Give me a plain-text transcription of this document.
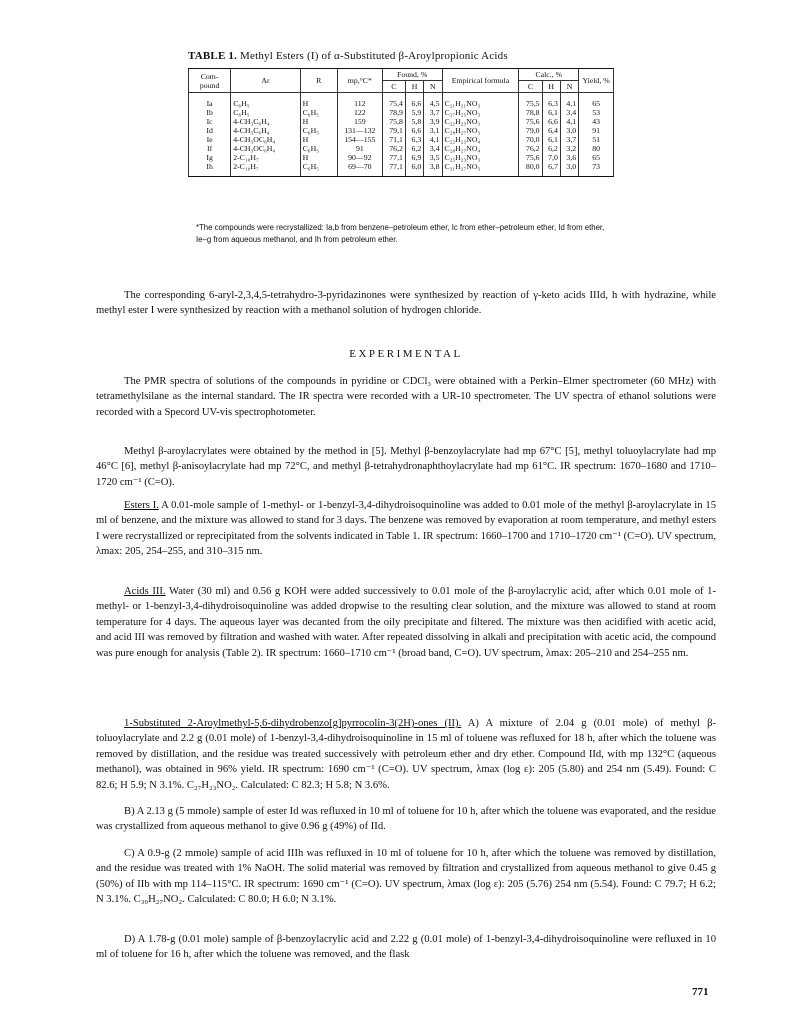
TABLE 1. Methyl Esters (I) of α-Substituted β-Aroylpropionic Acids
Com-pound	Ar	R	mp,°C*	Found, %			Empirical formula	Calc., %			Yield, %
				C	H	N		C	H	N	
Ia	C₆H₅	H	112	75,4	6,6	4,5	C₂₁H₂₁NO₃	75,5	6,3	4,1	65
Ib	C₆H₅	C₆H₅	122	78,9	5,9	3,7	C₂₇H₂₅NO₃	78,8	6,1	3,4	53
Ic	4-CH₃C₆H₄	H	159	75,8	5,8	3,9	C₂₂H₂₃NO₃	75,6	6,6	4,1	43
Id	4-CH₃C₆H₄	C₆H₅	131—132	79,1	6,6	3,1	C₂₈H₂₇NO₃	79,0	6,4	3,0	91
Ie	4-CH₃OC₆H₄	H	154—155	71,1	6,3	4,1	C₂₂H₂₃NO₄	70,0	6,1	3,7	51
If	4-CH₃OC₆H₄	C₆H₅	91	76,2	6,2	3,4	C₂₈H₂₇NO₄	76,2	6,2	3,2	80
Ig	2-C₁₀H₇	H	90—92	77,1	6,9	3,5	C₂₅H₂₃NO₃	75,6	7,0	3,6	65
Ih	2-C₁₀H₇	C₆H₅	69—70	77,1	6,0	3,8	C₃₁H₂₇NO₃	80,0	6,7	3,0	73
*The compounds were recrystallized: Ia,b from benzene–petroleum ether, Ic from ether–petroleum ether, Id from ether, Ie–g from aqueous methanol, and Ih from petroleum ether.

The corresponding 6-aryl-2,3,4,5-tetrahydro-3-pyridazinones were synthesized by reaction of γ-keto acids IIId, h with hydrazine, while methyl ester I were synthesized by reaction with a methanol solution of hydrogen chloride.

EXPERIMENTAL

The PMR spectra of solutions of the compounds in pyridine or CDCl₃ were obtained with a Perkin–Elmer spectrometer (60 MHz) with tetramethylsilane as the internal standard. The IR spectra were recorded with a UR-10 spectrometer. The UV spectra of ethanol solutions were recorded with a Specord UV-vis spectrophotometer.

Methyl β-aroylacrylates were obtained by the method in [5]. Methyl β-benzoylacrylate had mp 67°C [5], methyl toluoylacrylate had mp 46°C [6], methyl β-anisoylacrylate had mp 72°C, and methyl β-tetrahydronaphthoylacrylate had mp 61°C. IR spectrum: 1670–1680 and 1710–1720 cm⁻¹ (C=O).

Esters I. A 0.01-mole sample of 1-methyl- or 1-benzyl-3,4-dihydroisoquinoline was added to 0.01 mole of the methyl β-aroylacrylate in 15 ml of benzene, and the mixture was allowed to stand for 3 days. The benzene was removed by evaporation at room temperature, and methyl esters I were recrystallized or reprecipitated from the solvents indicated in Table 1. IR spectrum: 1660–1700 and 1710–1720 cm⁻¹ (C=O). UV spectrum, λmax: 205, 254–255, and 310–315 nm.

Acids III. Water (30 ml) and 0.56 g KOH were added successively to 0.01 mole of the β-aroylacrylic acid, after which 0.01 mole of 1-methyl- or 1-benzyl-3,4-dihydroisoquinoline was added dropwise to the resulting clear solution, and the mixture was allowed to stand at room temperature for 4 days. The aqueous layer was decanted from the oily precipitate and filtered. The mixture was then acidified with acetic acid, and acid III was removed by filtration and washed with water. After repeated dissolving in alkali and precipitation with acetic acid, the compound was pure enough for analysis (Table 2). IR spectrum: 1660–1710 cm⁻¹ (broad band, C=O). UV spectrum, λmax: 205–210 and 254–255 nm.

1-Substituted 2-Aroylmethyl-5,6-dihydrobenzo[g]pyrrocolin-3(2H)-ones (II). A) A mixture of 2.04 g (0.01 mole) of methyl β-toluoylacrylate and 2.2 g (0.01 mole) of 1-benzyl-3,4-dihydroisoquinoline in 15 ml of toluene was refluxed for 18 h, after which the toluene was removed by distillation, and the residue was treated successively with petroleum ether and dry ether. Compound IId, with mp 132°C (aqueous methanol), was obtained in 96% yield. IR spectrum: 1690 cm⁻¹ (C=O). UV spectrum, λmax (log ε): 205 (5.80) and 254 nm (5.49). Found: C 82.6; H 5.9; N 3.1%. C₂₇H₂₃NO₂. Calculated: C 82.3; H 5.8; N 3.6%.

B) A 2.13 g (5 mmole) sample of ester Id was refluxed in 10 ml of toluene for 10 h, after which the toluene was evaporated, and the residue was crystallized from aqueous methanol to give 0.96 g (49%) of IId.

C) A 0.9-g (2 mmole) sample of acid IIIh was refluxed in 10 ml of toluene for 10 h, after which the toluene was removed by distillation, and the residue was treated with 1% NaOH. The solid material was removed by filtration and crystallized from aqueous methanol to give 0.45 g (50%) of IIb with mp 114–115°C. IR spectrum: 1690 cm⁻¹ (C=O). UV spectrum, λmax (log ε): 205 (5.76) 254 nm (5.54). Found: C 79.7; H 6.2; N 3.1%. C₃₀H₂₇NO₂. Calculated: C 80.0; H 6.0; N 3.1%.

D) A 1.78-g (0.01 mole) sample of β-benzoylacrylic acid and 2.22 g (0.01 mole) of 1-benzyl-3,4-dihydroisoquinoline were refluxed in 10 ml of toluene for 16 h, after which the toluene was removed, and the flask

771
